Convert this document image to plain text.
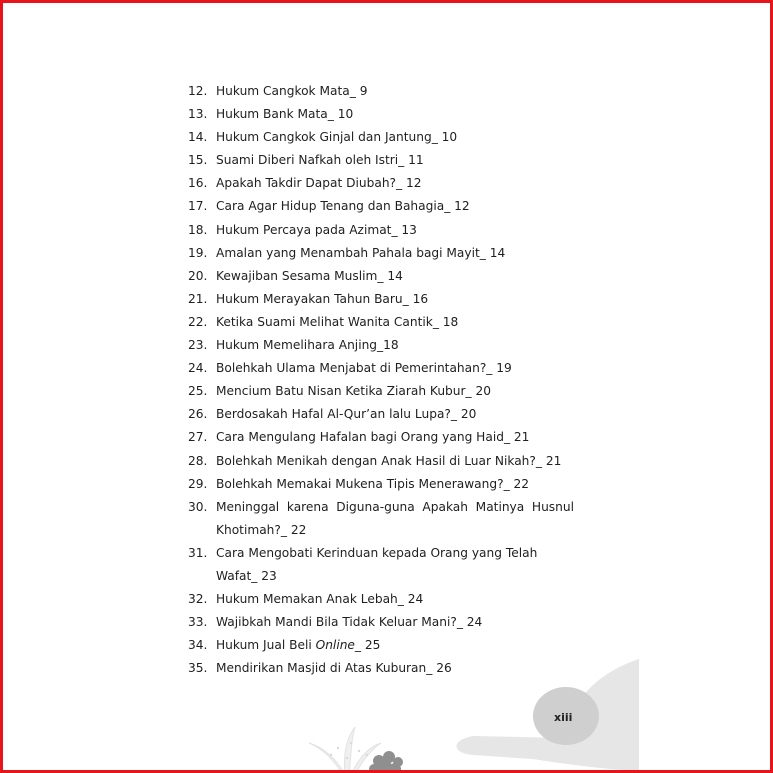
12. Hukum Cangkok Mata_ 9
13. Hukum Bank Mata_ 10
14. Hukum Cangkok Ginjal dan Jantung_ 10
15. Suami Diberi Nafkah oleh Istri_ 11
16. Apakah Takdir Dapat Diubah?_ 12
17. Cara Agar Hidup Tenang dan Bahagia_ 12
18. Hukum Percaya pada Azimat_ 13
19. Amalan yang Menambah Pahala bagi Mayit_ 14
20. Kewajiban Sesama Muslim_ 14
21. Hukum Merayakan Tahun Baru_ 16
22. Ketika Suami Melihat Wanita Cantik_ 18
23. Hukum Memelihara Anjing_18
24. Bolehkah Ulama Menjabat di Pemerintahan?_ 19
25. Mencium Batu Nisan Ketika Ziarah Kubur_ 20
26. Berdosakah Hafal Al-Qur’an lalu Lupa?_ 20
27. Cara Mengulang Hafalan bagi Orang yang Haid_ 21
28. Bolehkah Menikah dengan Anak Hasil di Luar Nikah?_ 21
29. Bolehkah Memakai Mukena Tipis Menerawang?_ 22
30. Meninggal karena Diguna-guna Apakah Matinya Husnul
Khotimah?_ 22
31. Cara Mengobati Kerinduan kepada Orang yang Telah Wafat_ 23
32. Hukum Memakan Anak Lebah_ 24
33. Wajibkah Mandi Bila Tidak Keluar Mani?_ 24
34. Hukum Jual Beli Online_ 25
35. Mendirikan Masjid di Atas Kuburan_ 26
xiii
